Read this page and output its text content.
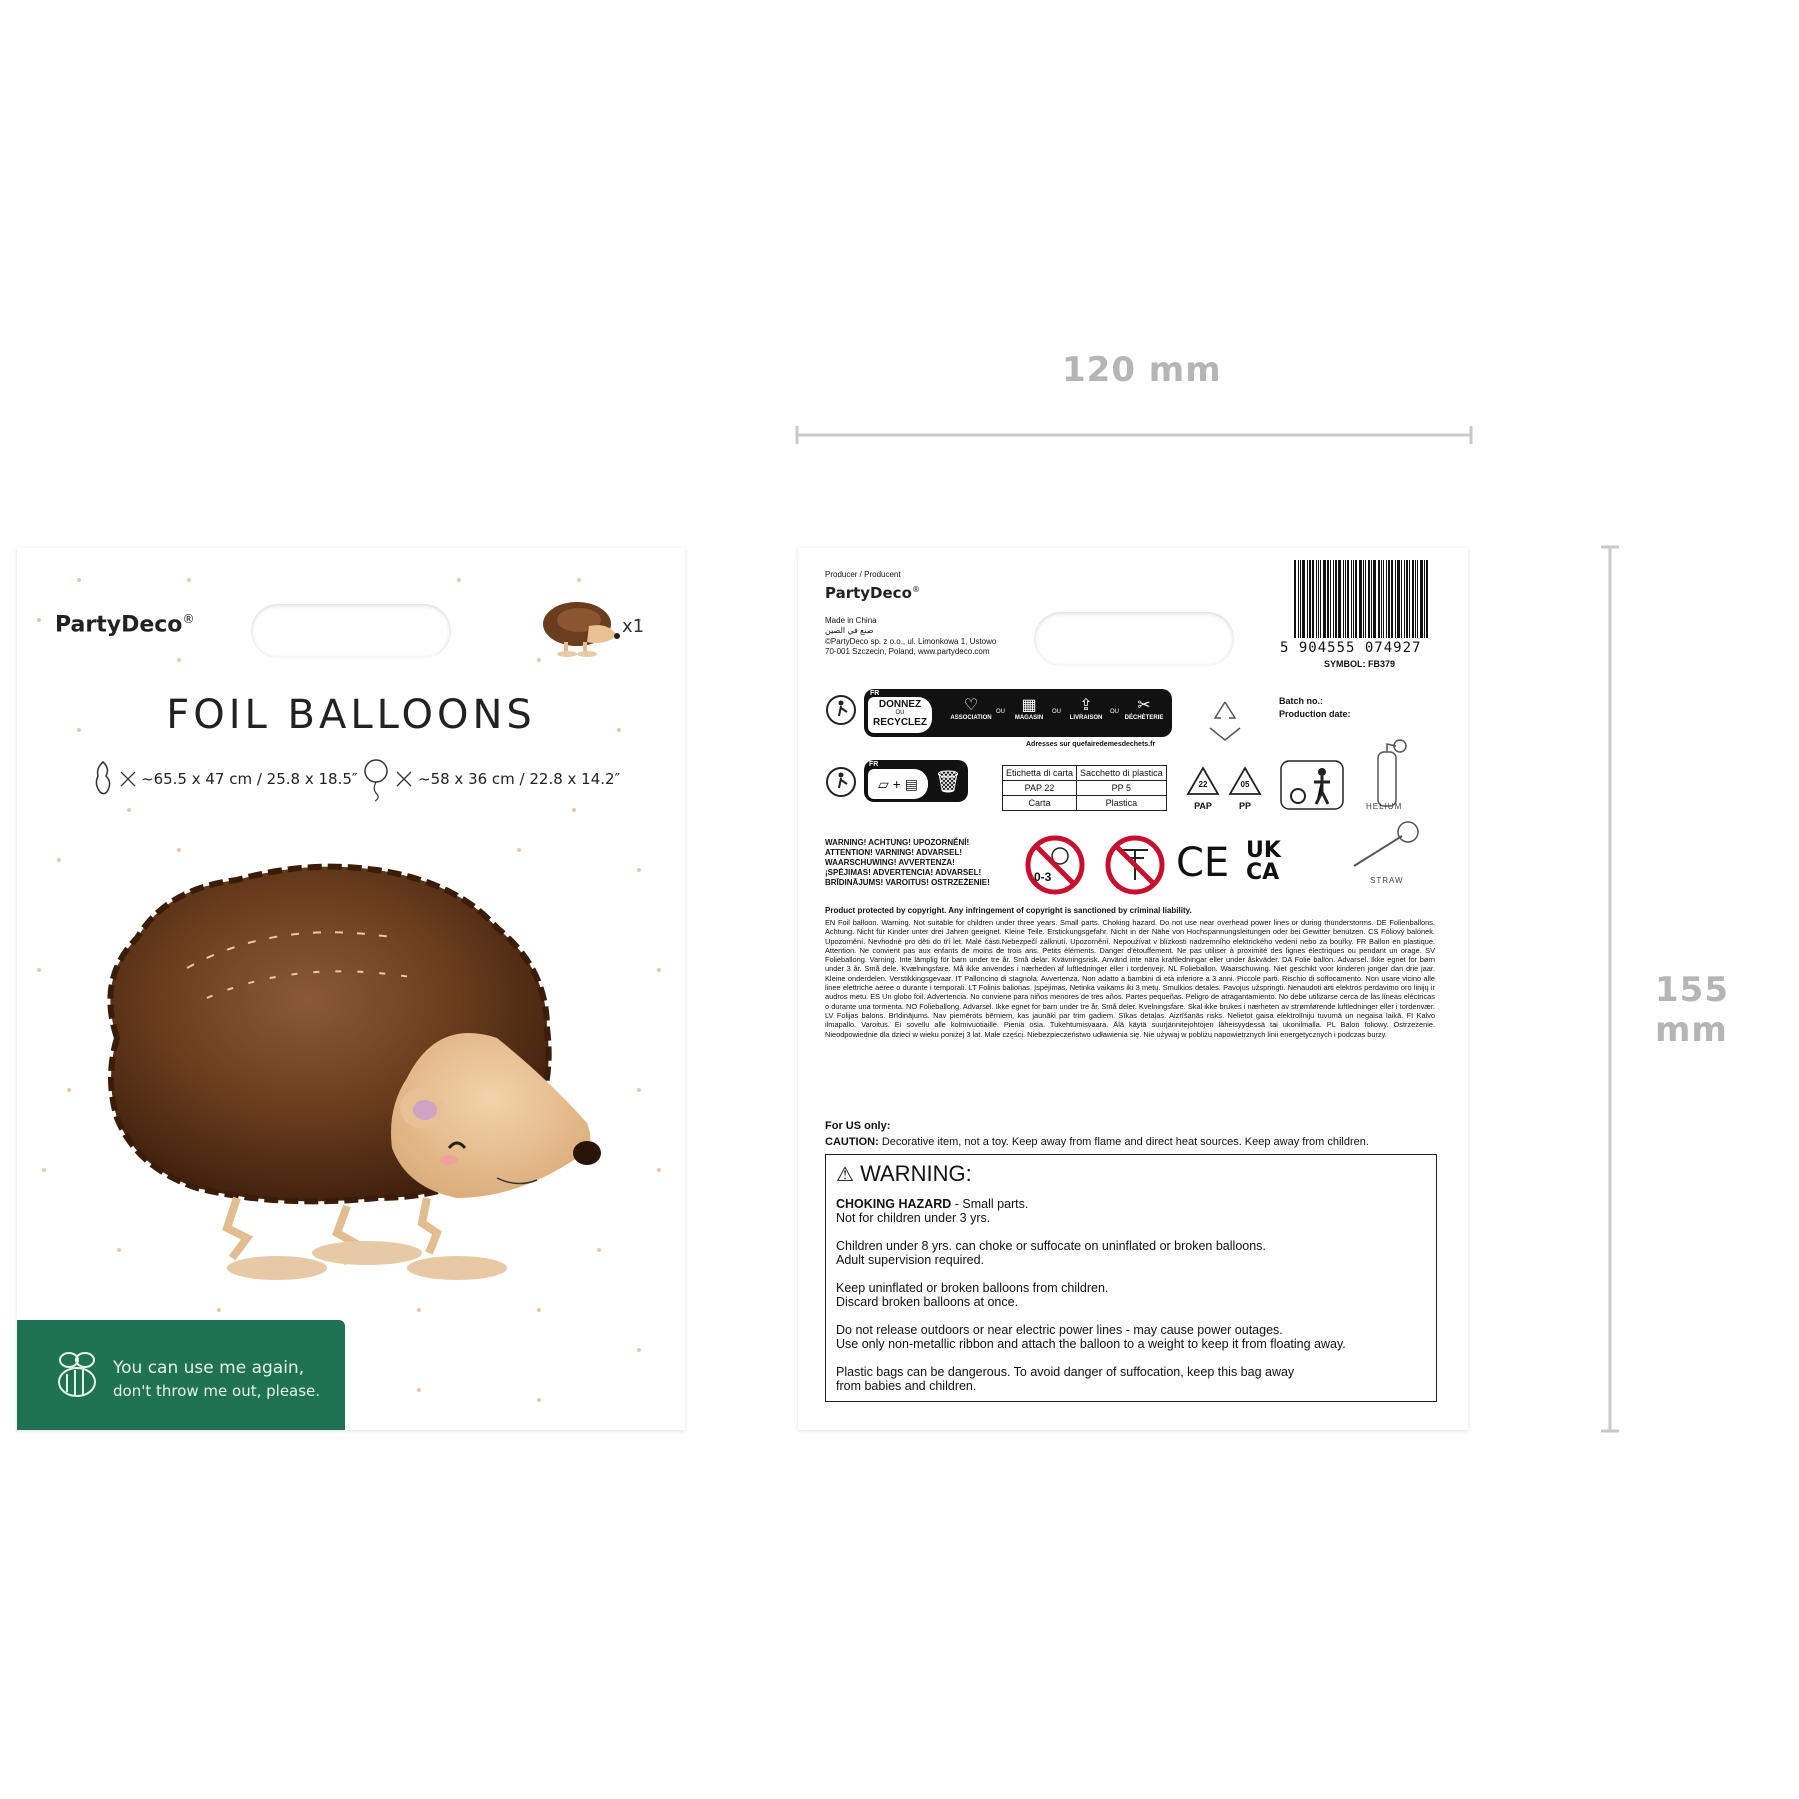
120 mm
155 mm
PartyDeco®	x1
FOIL BALLOONS
~65.5 x 47 cm / 25.8 x 18.5″	~58 x 36 cm / 22.8 x 14.2″
You can use me again,
don't throw me out, please.
Producer / Producent
PartyDeco®
Made in China
صنع في الصين
©PartyDeco sp. z o.o., ul. Limonkowa 1, Ustowo
70-001 Szczecin, Poland, www.partydeco.com	5 904555 074927
SYMBOL: FB379
Batch no.:
Production date:
FR
DONNEZ
OU
RECYCLEZ
♡
ASSOCIATION
OU	▦
MAGASIN
OU	⇪
LIVRAISON
OU	✂
DÉCHÈTERIE
Adresses sur quefairedemesdechets.fr
FR
▱ + ▤ 🗑	Etichetta di carta	Sacchetto di plastica
PAP 22	PP 5
Carta	Plastica
22
PAP
05
PP	HELIUM
WARNING! ACHTUNG! UPOZORNĚNÍ!
ATTENTION! VARNING! ADVARSEL!
WAARSCHUWING! AVVERTENZA!
¡SPĖJIMAS! ADVERTENCIA! ADVARSEL!
BRĪDINĀJUMS! VAROITUS! OSTRZEŻENIE!	0-3	CE UK
CA	STRAW
Product protected by copyright. Any infringement of copyright is sanctioned by criminal liability.
EN Foil balloon. Warning. Not suitable for children under three years. Small parts. Choking hazard. Do not use near overhead power lines or during thunderstorms. DE Folienballons. Achtung. Nicht für Kinder unter drei Jahren geeignet. Kleine Teile. Erstickungsgefahr. Nicht in der Nähe von Hochspannungsleitungen oder bei Gewitter benutzen. CS Fóliový balónek. Upozornění. Nevhodné pro děti do tří let. Malé části.Nebezpečí zalknutí. Upozornění. Nepoužívat v blízkosti nadzemního elektrického vedení nebo za bouřky. FR Ballon en plastique. Attention. Ne convient pas aux enfants de moins de trois ans. Petits éléments. Danger d'étouffement. Ne pas utiliser à proximité des lignes électriques ou pendant un orage. SV Folieballong. Varning. Inte lämplig för barn under tre år. Små delar. Kvävningsrisk. Använd inte nära kraftledningar eller under åskväder. DA Folie ballon. Advarsel. Ikke egnet for børn under 3 år. Små dele. Kvælningsfare. Må ikke anvendes i nærheden af luftledninger eller i tordenvejr. NL Folieballon. Waarschuwing. Niet geschikt voor kinderen jonger dan drie jaar. Kleine onderdelen. Verstikkingsgevaar. IT Palloncino di stagnola. Avvertenza. Non adatto a bambini di età inferiore a 3 anni. Piccole parti. Rischio di soffocamento. Non usare vicino alle linee elettriche aeree o durante i temporali. LT Folinis balionas. Įspėjimas. Netinka vaikams iki 3 metų. Smulkios detalės. Pavojus užspringti. Nenaudoti arti elektros perdavimo oro linijų ir audros metu. ES Un globo foil. Advertencia. No conviene para niños menores de tres años. Partes pequeñas. Peligro de atragantamiento. No debe utilizarse cerca de las líneas eléctricas o durante una tormenta. NO Folieballong. Advarsel. Ikke egnet for barn under tre år. Små deler. Kvelningsfare. Skal ikke brukes i nærheten av strømførende luftledninger eller i tordenvær. LV Folijas balons. Brīdinājums. Nav piemērots bērniem, kas jaunāki par trim gadiem. Sīkas detaļas. Aizrīšanās risks. Nelietot gaisa elektrolīniju tuvumā un negaisa laikā. FI Kalvo ilmapallo. Varoitus. Ei sovellu alle kolmivuotiaille. Pieniä osia. Tukehtumisvaara. Älä käytä suurjännitejohtojen läheisyydessä tai ukonilmalla. PL Balon foliowy. Ostrzeżenie. Nieodpowiednie dla dzieci w wieku poniżej 3 lat. Małe części. Niebezpieczeństwo udławienia się. Nie używaj w pobliżu napowietrznych linii energetycznych i podczas burzy.
For US only:
CAUTION: Decorative item, not a toy. Keep away from flame and direct heat sources. Keep away from children.
⚠ WARNING:

CHOKING HAZARD - Small parts.
Not for children under 3 yrs.

Children under 8 yrs. can choke or suffocate on uninflated or broken balloons.
Adult supervision required.

Keep uninflated or broken balloons from children.
Discard broken balloons at once.

Do not release outdoors or near electric power lines - may cause power outages.
Use only non-metallic ribbon and attach the balloon to a weight to keep it from floating away.

Plastic bags can be dangerous. To avoid danger of suffocation, keep this bag away
from babies and children.
